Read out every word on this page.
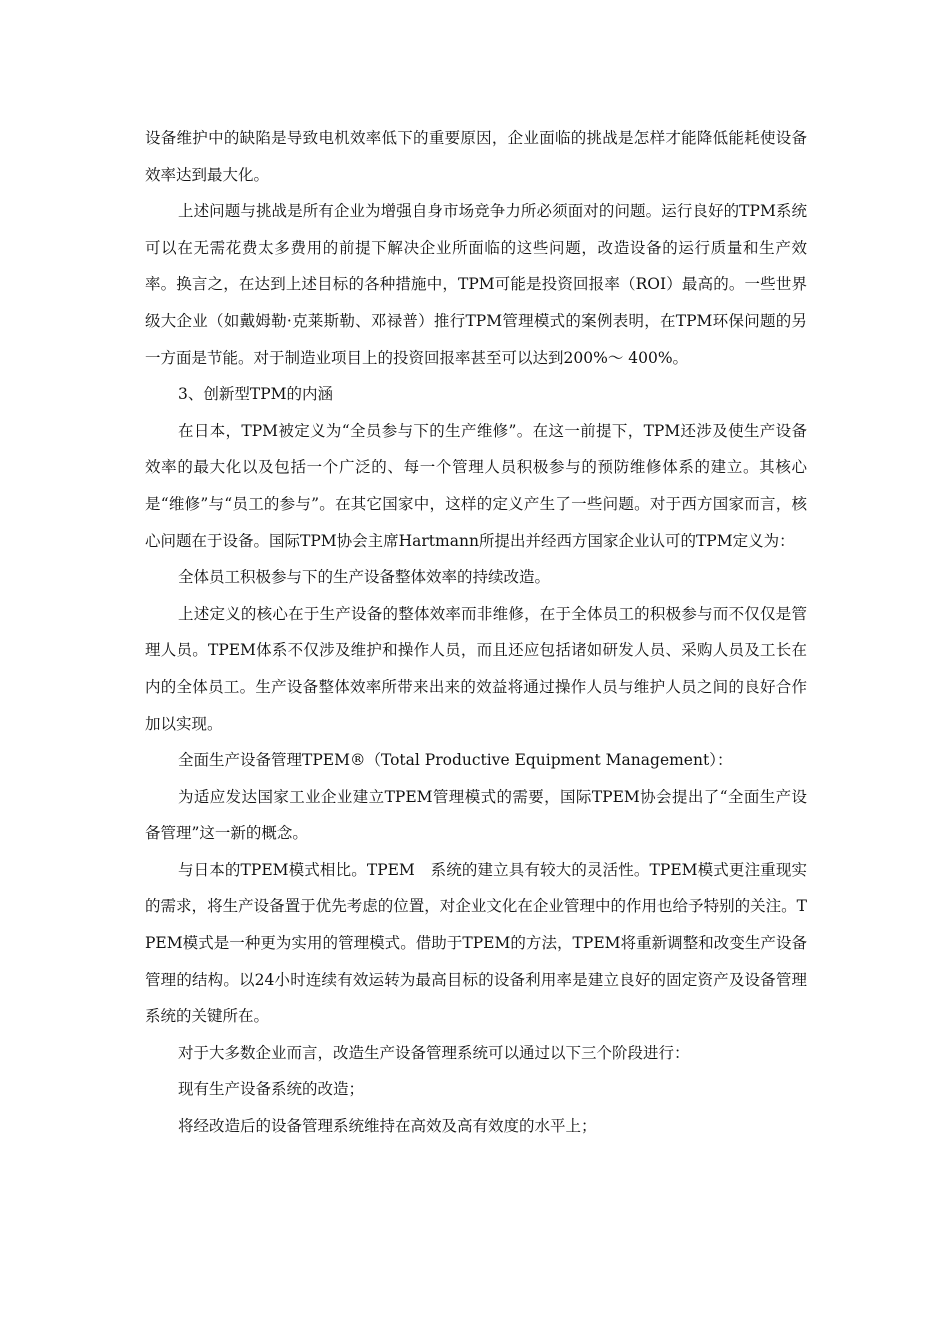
设备维护中的缺陷是导致电机效率低下的重要原因，企业面临的挑战是怎样才能降低能耗使设备效率达到最大化。

上述问题与挑战是所有企业为增强自身市场竞争力所必须面对的问题。运行良好的TPM系统可以在无需花费太多费用的前提下解决企业所面临的这些问题，改造设备的运行质量和生产效率。换言之，在达到上述目标的各种措施中，TPM可能是投资回报率（ROI）最高的。一些世界级大企业（如戴姆勒·克莱斯勒、邓禄普）推行TPM管理模式的案例表明，在TPM环保问题的另一方面是节能。对于制造业项目上的投资回报率甚至可以达到200%～ 400%。

3、创新型TPM的内涵

在日本，TPM被定义为“全员参与下的生产维修”。在这一前提下，TPM还涉及使生产设备效率的最大化以及包括一个广泛的、每一个管理人员积极参与的预防维修体系的建立。其核心是“维修”与“员工的参与”。在其它国家中，这样的定义产生了一些问题。对于西方国家而言，核心问题在于设备。国际TPM协会主席Hartmann所提出并经西方国家企业认可的TPM定义为：

全体员工积极参与下的生产设备整体效率的持续改造。

上述定义的核心在于生产设备的整体效率而非维修，在于全体员工的积极参与而不仅仅是管理人员。TPEM体系不仅涉及维护和操作人员，而且还应包括诸如研发人员、采购人员及工长在内的全体员工。生产设备整体效率所带来出来的效益将通过操作人员与维护人员之间的良好合作加以实现。

全面生产设备管理TPEM®（Total Productive Equipment Management）：

为适应发达国家工业企业建立TPEM管理模式的需要，国际TPEM协会提出了“全面生产设备管理”这一新的概念。

与日本的TPEM模式相比。TPEM　系统的建立具有较大的灵活性。TPEM模式更注重现实的需求，将生产设备置于优先考虑的位置，对企业文化在企业管理中的作用也给予特别的关注。TPEM模式是一种更为实用的管理模式。借助于TPEM的方法，TPEM将重新调整和改变生产设备管理的结构。以24小时连续有效运转为最高目标的设备利用率是建立良好的固定资产及设备管理系统的关键所在。

对于大多数企业而言，改造生产设备管理系统可以通过以下三个阶段进行：

现有生产设备系统的改造；

将经改造后的设备管理系统维持在高效及高有效度的水平上；
